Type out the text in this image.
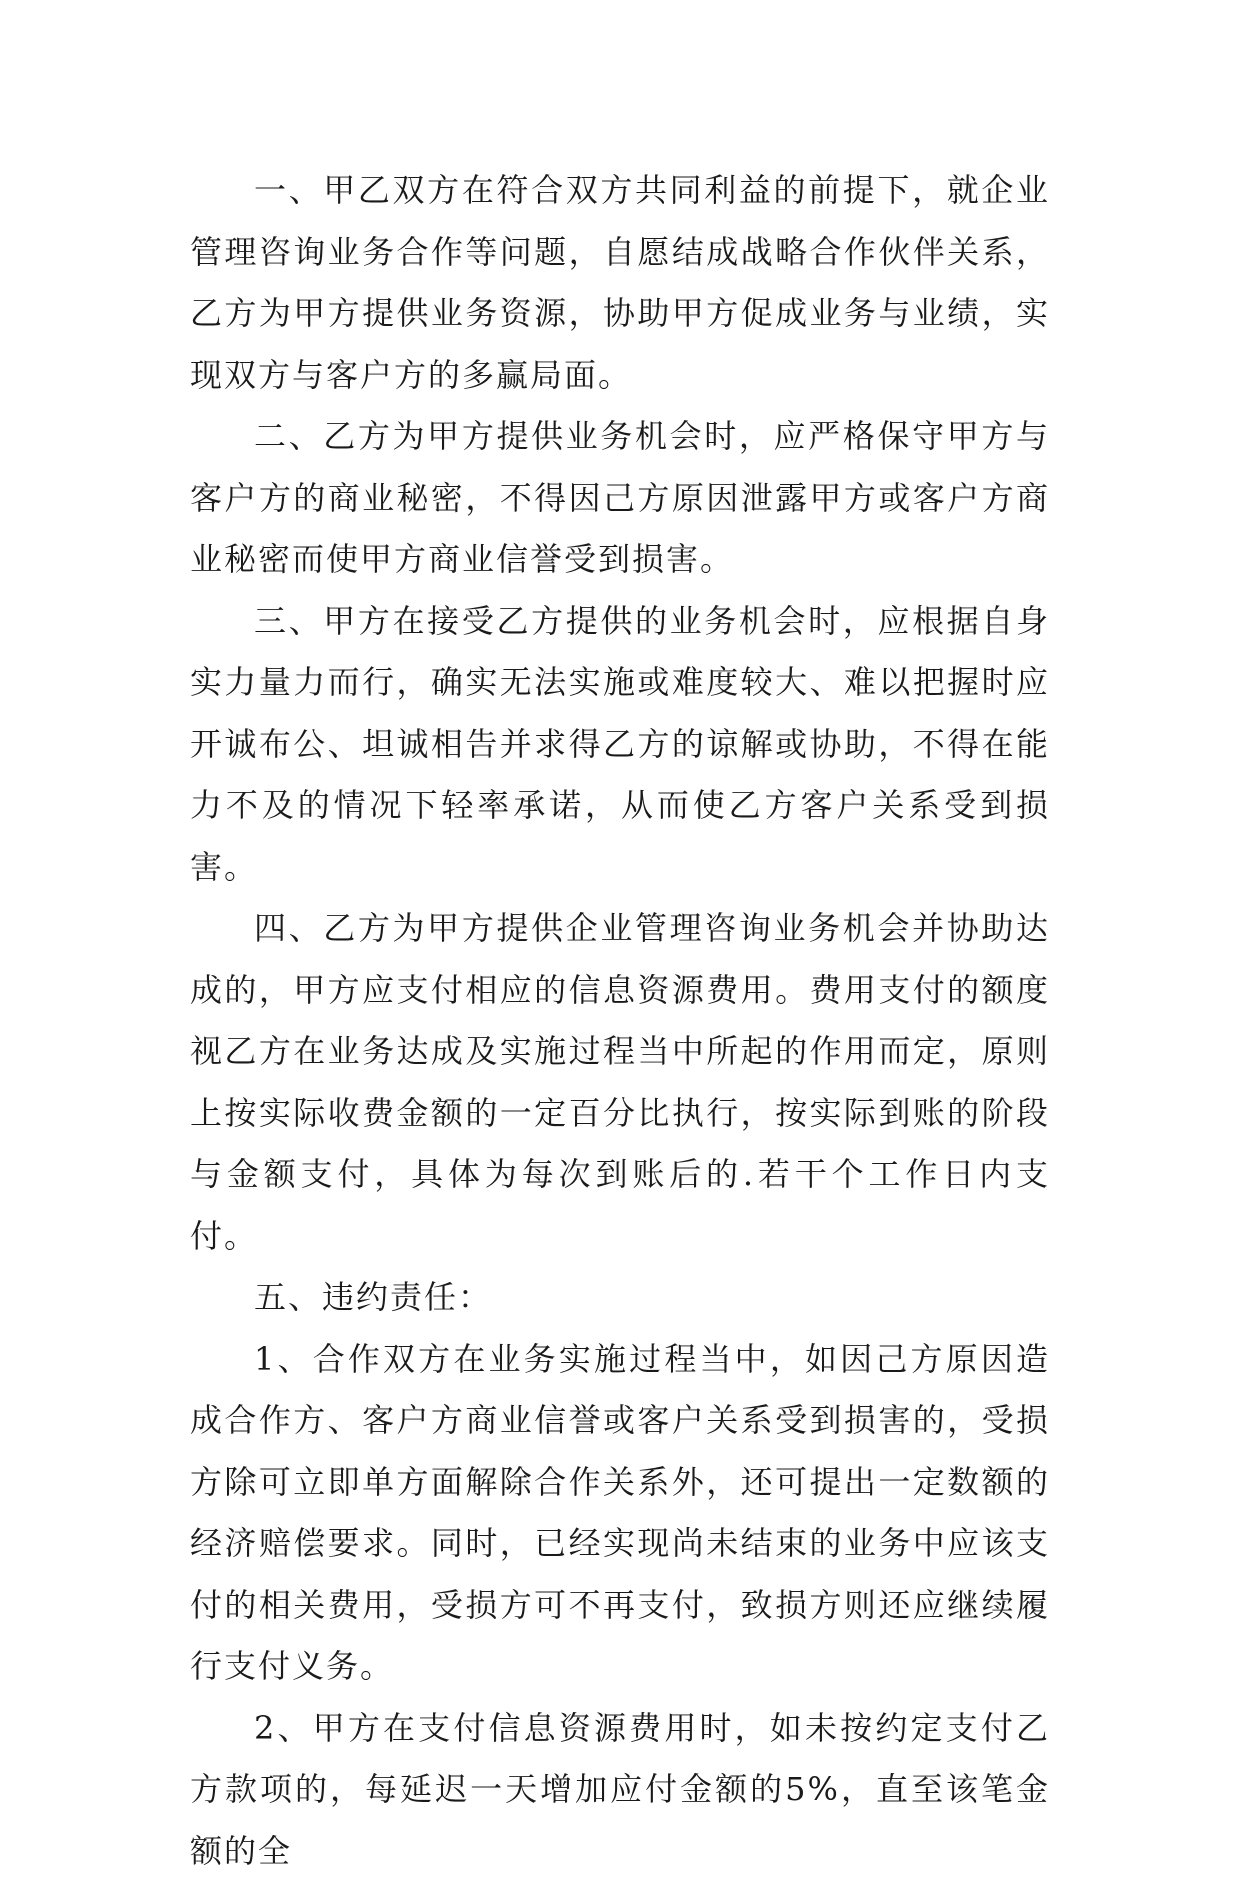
一、甲乙双方在符合双方共同利益的前提下，就企业管理咨询业务合作等问题，自愿结成战略合作伙伴关系，乙方为甲方提供业务资源，协助甲方促成业务与业绩，实现双方与客户方的多赢局面。

二、乙方为甲方提供业务机会时，应严格保守甲方与客户方的商业秘密，不得因己方原因泄露甲方或客户方商业秘密而使甲方商业信誉受到损害。

三、甲方在接受乙方提供的业务机会时，应根据自身实力量力而行，确实无法实施或难度较大、难以把握时应开诚布公、坦诚相告并求得乙方的谅解或协助，不得在能力不及的情况下轻率承诺，从而使乙方客户关系受到损害。

四、乙方为甲方提供企业管理咨询业务机会并协助达成的，甲方应支付相应的信息资源费用。费用支付的额度视乙方在业务达成及实施过程当中所起的作用而定，原则上按实际收费金额的一定百分比执行，按实际到账的阶段与金额支付，具体为每次到账后的.若干个工作日内支付。

五、违约责任：

1、合作双方在业务实施过程当中，如因己方原因造成合作方、客户方商业信誉或客户关系受到损害的，受损方除可立即单方面解除合作关系外，还可提出一定数额的经济赔偿要求。同时，已经实现尚未结束的业务中应该支付的相关费用，受损方可不再支付，致损方则还应继续履行支付义务。

2、甲方在支付信息资源费用时，如未按约定支付乙方款项的，每延迟一天增加应付金额的5%，直至该笔金额的全
